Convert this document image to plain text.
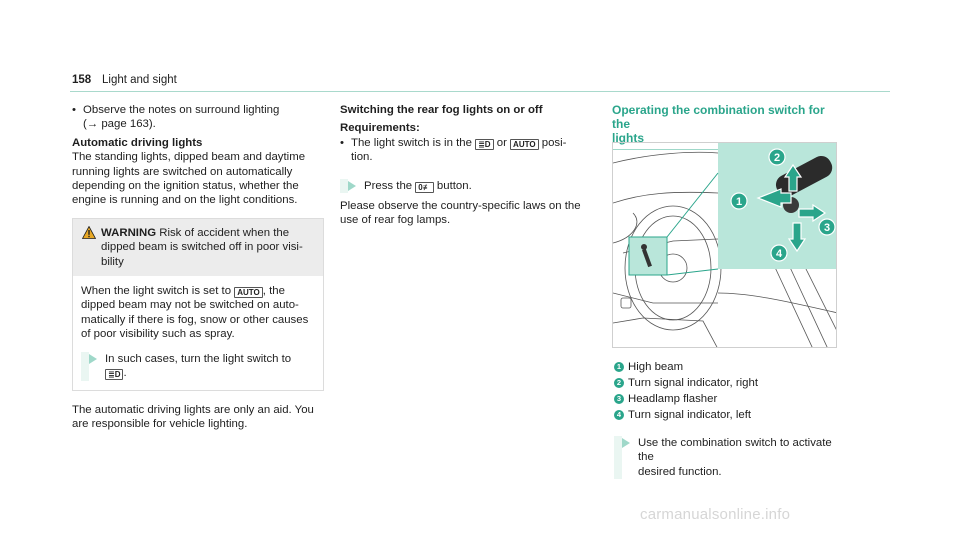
158 Light and sight
• Observe the notes on surround lighting
(→ page 163).
Automatic driving lights
The standing lights, dipped beam and daytime
running lights are switched on automatically
depending on the ignition status, whether the
engine is running and on the light conditions.
WARNING Risk of accident when the
dipped beam is switched off in poor visi-
bility
When the light switch is set to AUTO , the
dipped beam may not be switched on auto-
matically if there is fog, snow or other causes
of poor visibility such as spray.
In such cases, turn the light switch to
≣D .
The automatic driving lights are only an aid. You
are responsible for vehicle lighting.
Switching the rear fog lights on or off
Requirements:
• The light switch is in the ≣D or AUTO posi-
tion.
Press the 0≢ button.
Please observe the country-specific laws on the
use of rear fog lamps.
Operating the combination switch for the
lights
1
2
3
4
1 High beam
2 Turn signal indicator, right
3 Headlamp flasher
4 Turn signal indicator, left
Use the combination switch to activate the
desired function.
carmanualsonline.info
